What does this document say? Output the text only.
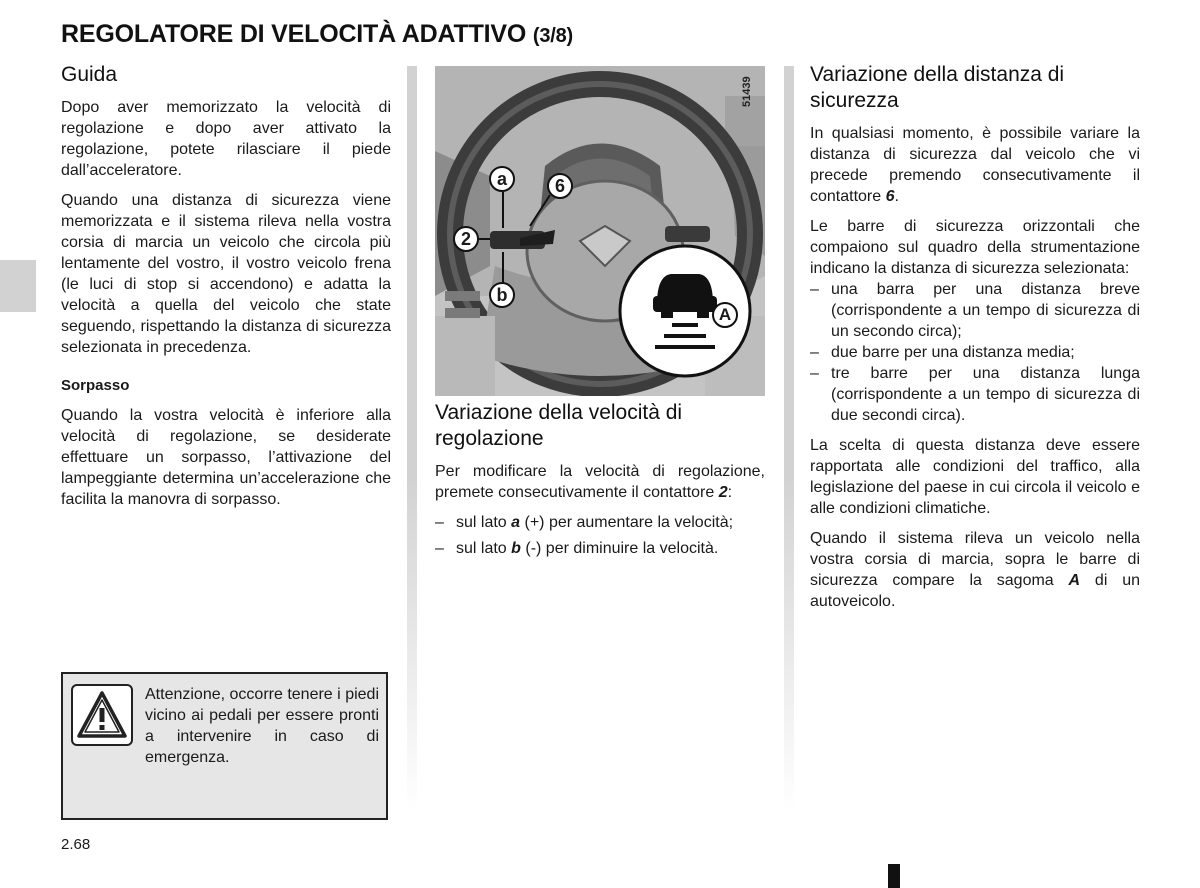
REGOLATORE DI VELOCITÀ ADATTIVO (3/8)
Guida

Dopo aver memorizzato la velocità di regolazione e dopo aver attivato la regolazione, potete rilasciare il piede dall’acceleratore.

Quando una distanza di sicurezza viene memorizzata e il sistema rileva nella vostra corsia di marcia un veicolo che circola più lentamente del vostro, il vostro veicolo frena (le luci di stop si accendono) e adatta la velocità a quella del veicolo che state seguendo, rispettando la distanza di sicurezza selezionata in precedenza.

Sorpasso

Quando la vostra velocità è inferiore alla velocità di regolazione, se desiderate effettuare un sorpasso, l’attivazione del lampeggiante determina un’accelerazione che facilita la manovra di sorpasso.

Attenzione, occorre tenere i piedi vicino ai pedali per essere pronti a intervenire in caso di emergenza.

51439
a	6
2
b
A
Variazione della velocità di regolazione

Per modificare la velocità di regolazione, premete consecutivamente il contattore 2:

– sul lato a (+) per aumentare la velocità;
– sul lato b (-) per diminuire la velocità.
Variazione della distanza di sicurezza

In qualsiasi momento, è possibile variare la distanza di sicurezza dal veicolo che vi precede premendo consecutivamente il contattore 6.

Le barre di sicurezza orizzontali che compaiono sul quadro della strumentazione indicano la distanza di sicurezza selezionata:

– una barra per una distanza breve (corrispondente a un tempo di sicurezza di un secondo circa);
– due barre per una distanza media;
– tre barre per una distanza lunga (corrispondente a un tempo di sicurezza di due secondi circa).

La scelta di questa distanza deve essere rapportata alle condizioni del traffico, alla legislazione del paese in cui circola il veicolo e alle condizioni climatiche.

Quando il sistema rileva un veicolo nella vostra corsia di marcia, sopra le barre di sicurezza compare la sagoma A di un autoveicolo.

2.68
